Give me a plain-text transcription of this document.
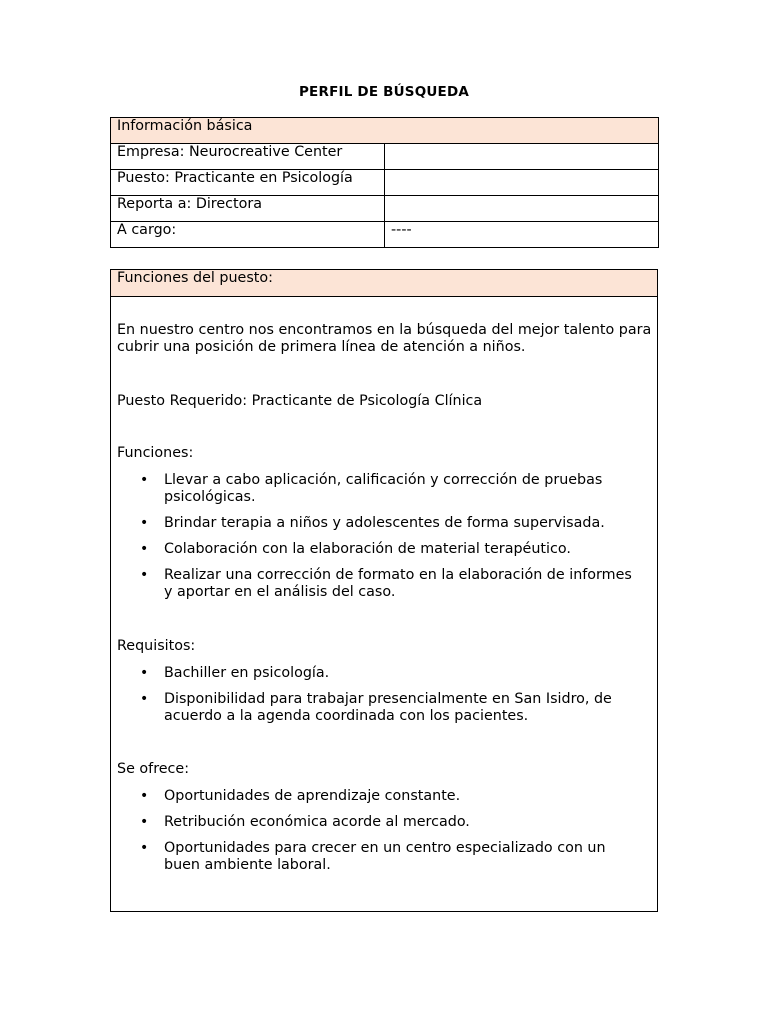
PERFIL DE BÚSQUEDA
Información básica	
Empresa: Neurocreative Center	
Puesto: Practicante en Psicología	
Reporta a: Directora	
A cargo:	----
Funciones del puesto:

En nuestro centro nos encontramos en la búsqueda del mejor talento para cubrir una posición de primera línea de atención a niños.

Puesto Requerido: Practicante de Psicología Clínica

Funciones:

• Llevar a cabo aplicación, calificación y corrección de pruebas psicológicas.
• Brindar terapia a niños y adolescentes de forma supervisada.
• Colaboración con la elaboración de material terapéutico.
• Realizar una corrección de formato en la elaboración de informes y aportar en el análisis del caso.

Requisitos:

• Bachiller en psicología.
• Disponibilidad para trabajar presencialmente en San Isidro, de acuerdo a la agenda coordinada con los pacientes.

Se ofrece:

• Oportunidades de aprendizaje constante.
• Retribución económica acorde al mercado.
• Oportunidades para crecer en un centro especializado con un buen ambiente laboral.
